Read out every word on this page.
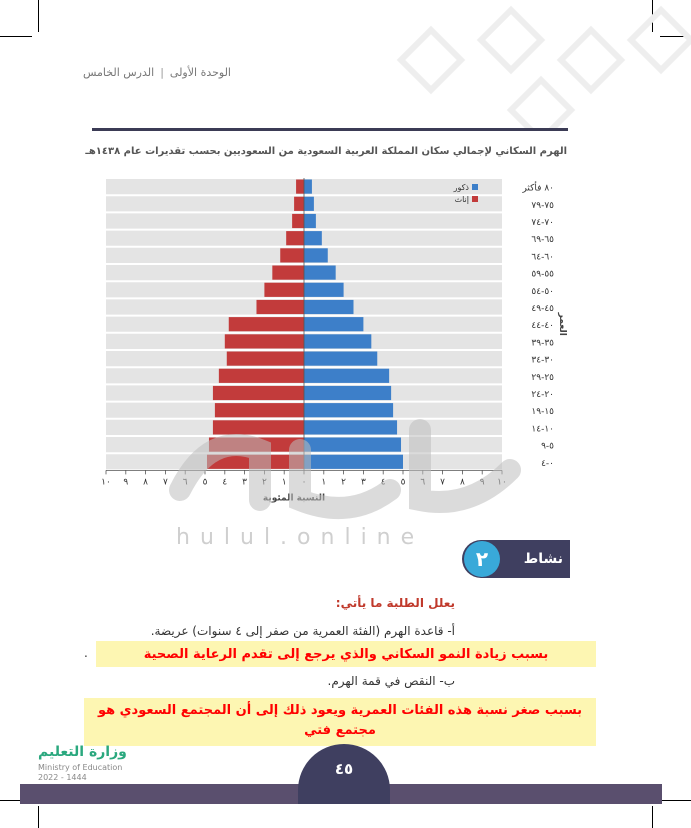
الوحدة الأولى|الدرس الخامس
الهرم السكاني لإجمالي سكان المملكة العربية السعودية من السعوديين بحسب تقديرات عام ١٤٣٨هـ
٠-٤
٥-٩
١٠-١٤
١٥-١٩
٢٠-٢٤
٢٥-٢٩
٣٠-٣٤
٣٥-٣٩
٤٠-٤٤
٤٥-٤٩
٥٠-٥٤
٥٥-٥٩
٦٠-٦٤
٦٥-٦٩
٧٠-٧٤
٧٥-٧٩
٨٠ فأكثر
١٠ ٩ ٨ ٧ ٦ ٥ ٤ ٣ ٢ ١ ٠ ١ ٢ ٣ ٤ ٥ ٦ ٧ ٨ ٩ ١٠
النسبة المئوية
العمر
ذكور
إناث
hulul.online
٢	نشاط
يعلل الطلبة ما يأتي:
أ- قاعدة الهرم (الفئة العمرية من صفر إلى ٤ سنوات) عريضة.
.	بسبب زيادة النمو السكاني والذي يرجع إلى تقدم الرعاية الصحية
ب- النقص في قمة الهرم.
بسبب صغر نسبة هذه الفئات العمرية ويعود ذلك إلى أن المجتمع السعودي هو مجتمع فتي
وزارة التعليم
Ministry of Education
2022 - 1444	٤٥
